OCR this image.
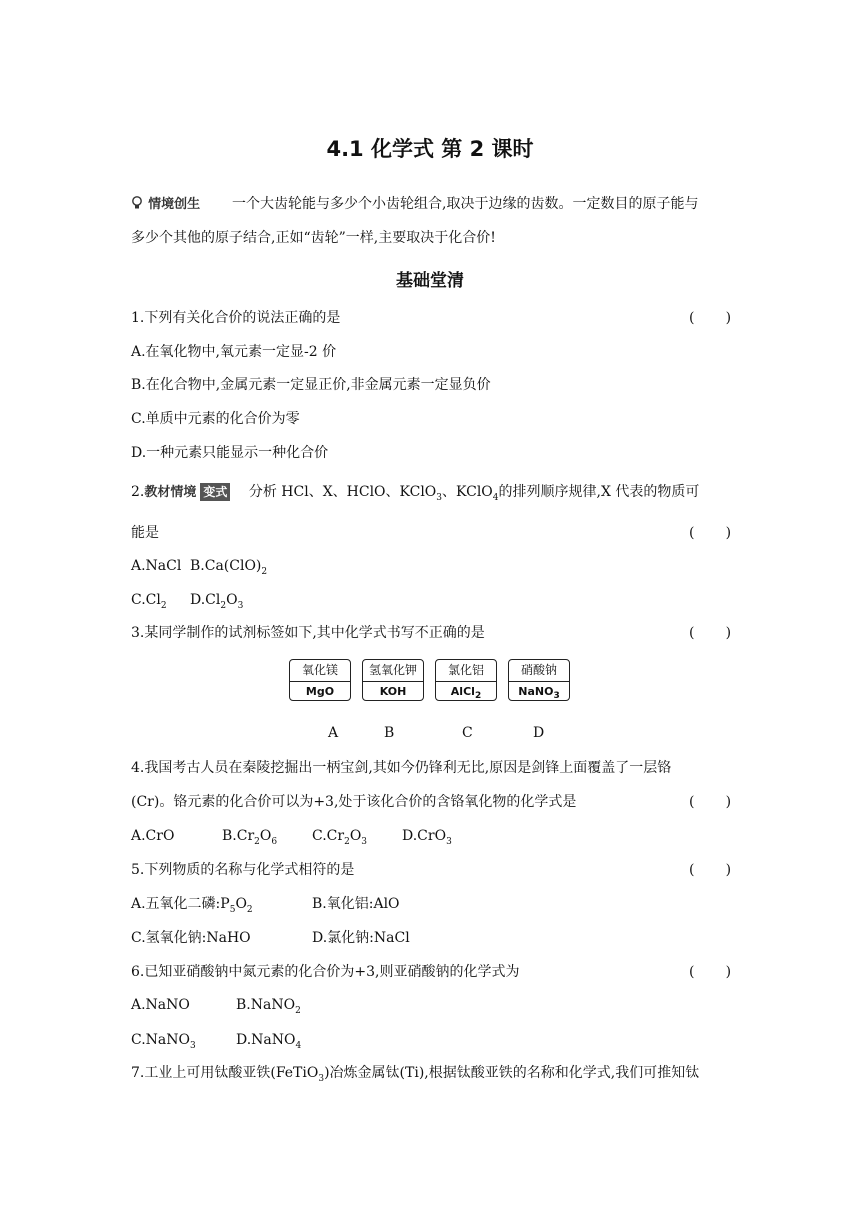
4.1 化学式 第 2 课时
情境创生 一个大齿轮能与多少个小齿轮组合,取决于边缘的齿数。一定数目的原子能与
多少个其他的原子结合,正如“齿轮”一样,主要取决于化合价!
基础堂清
1.下列有关化合价的说法正确的是	(       )
A.在氧化物中,氧元素一定显-2 价
B.在化合物中,金属元素一定显正价,非金属元素一定显负价
C.单质中元素的化合价为零
D.一种元素只能显示一种化合价
2.教材情境 变式 分析 HCl、X、HClO、KClO$_3$、KClO$_4$的排列顺序规律,X 代表的物质可
能是	(       )
A.NaCl $B.Ca(ClO)_2$
$C.Cl_2$ $D.Cl_2O_3$
3.某同学制作的试剂标签如下,其中化学式书写不正确的是	(       )
氧化镁
MgO
氢氧化钾
KOH
氯化铝
AlCl$_2$
硝酸钠
NaNO$_3$
A	B	C	D
4.我国考古人员在秦陵挖掘出一柄宝剑,其如今仍锋利无比,原因是剑锋上面覆盖了一层铬
(Cr)。铬元素的化合价可以为+3,处于该化合价的含铬氧化物的化学式是	(       )
A.CrO	$B.Cr_2O_6$ $C.Cr_2O_3$ D.CrO$_3$
5.下列物质的名称与化学式相符的是	(       )
A.五氧化二磷$:P_5O_2$	B.氧化铝:AlO
C.氢氧化钠:NaHO	D.氯化钠:NaCl
6.已知亚硝酸钠中氮元素的化合价为+3,则亚硝酸钠的化学式为	(       )
A.NaNO	B.NaNO$_2$
C.NaNO$_3$	D.NaNO$_4$
7.工业上可用钛酸亚铁(FeTiO$_3$)冶炼金属钛(Ti),根据钛酸亚铁的名称和化学式,我们可推知钛
